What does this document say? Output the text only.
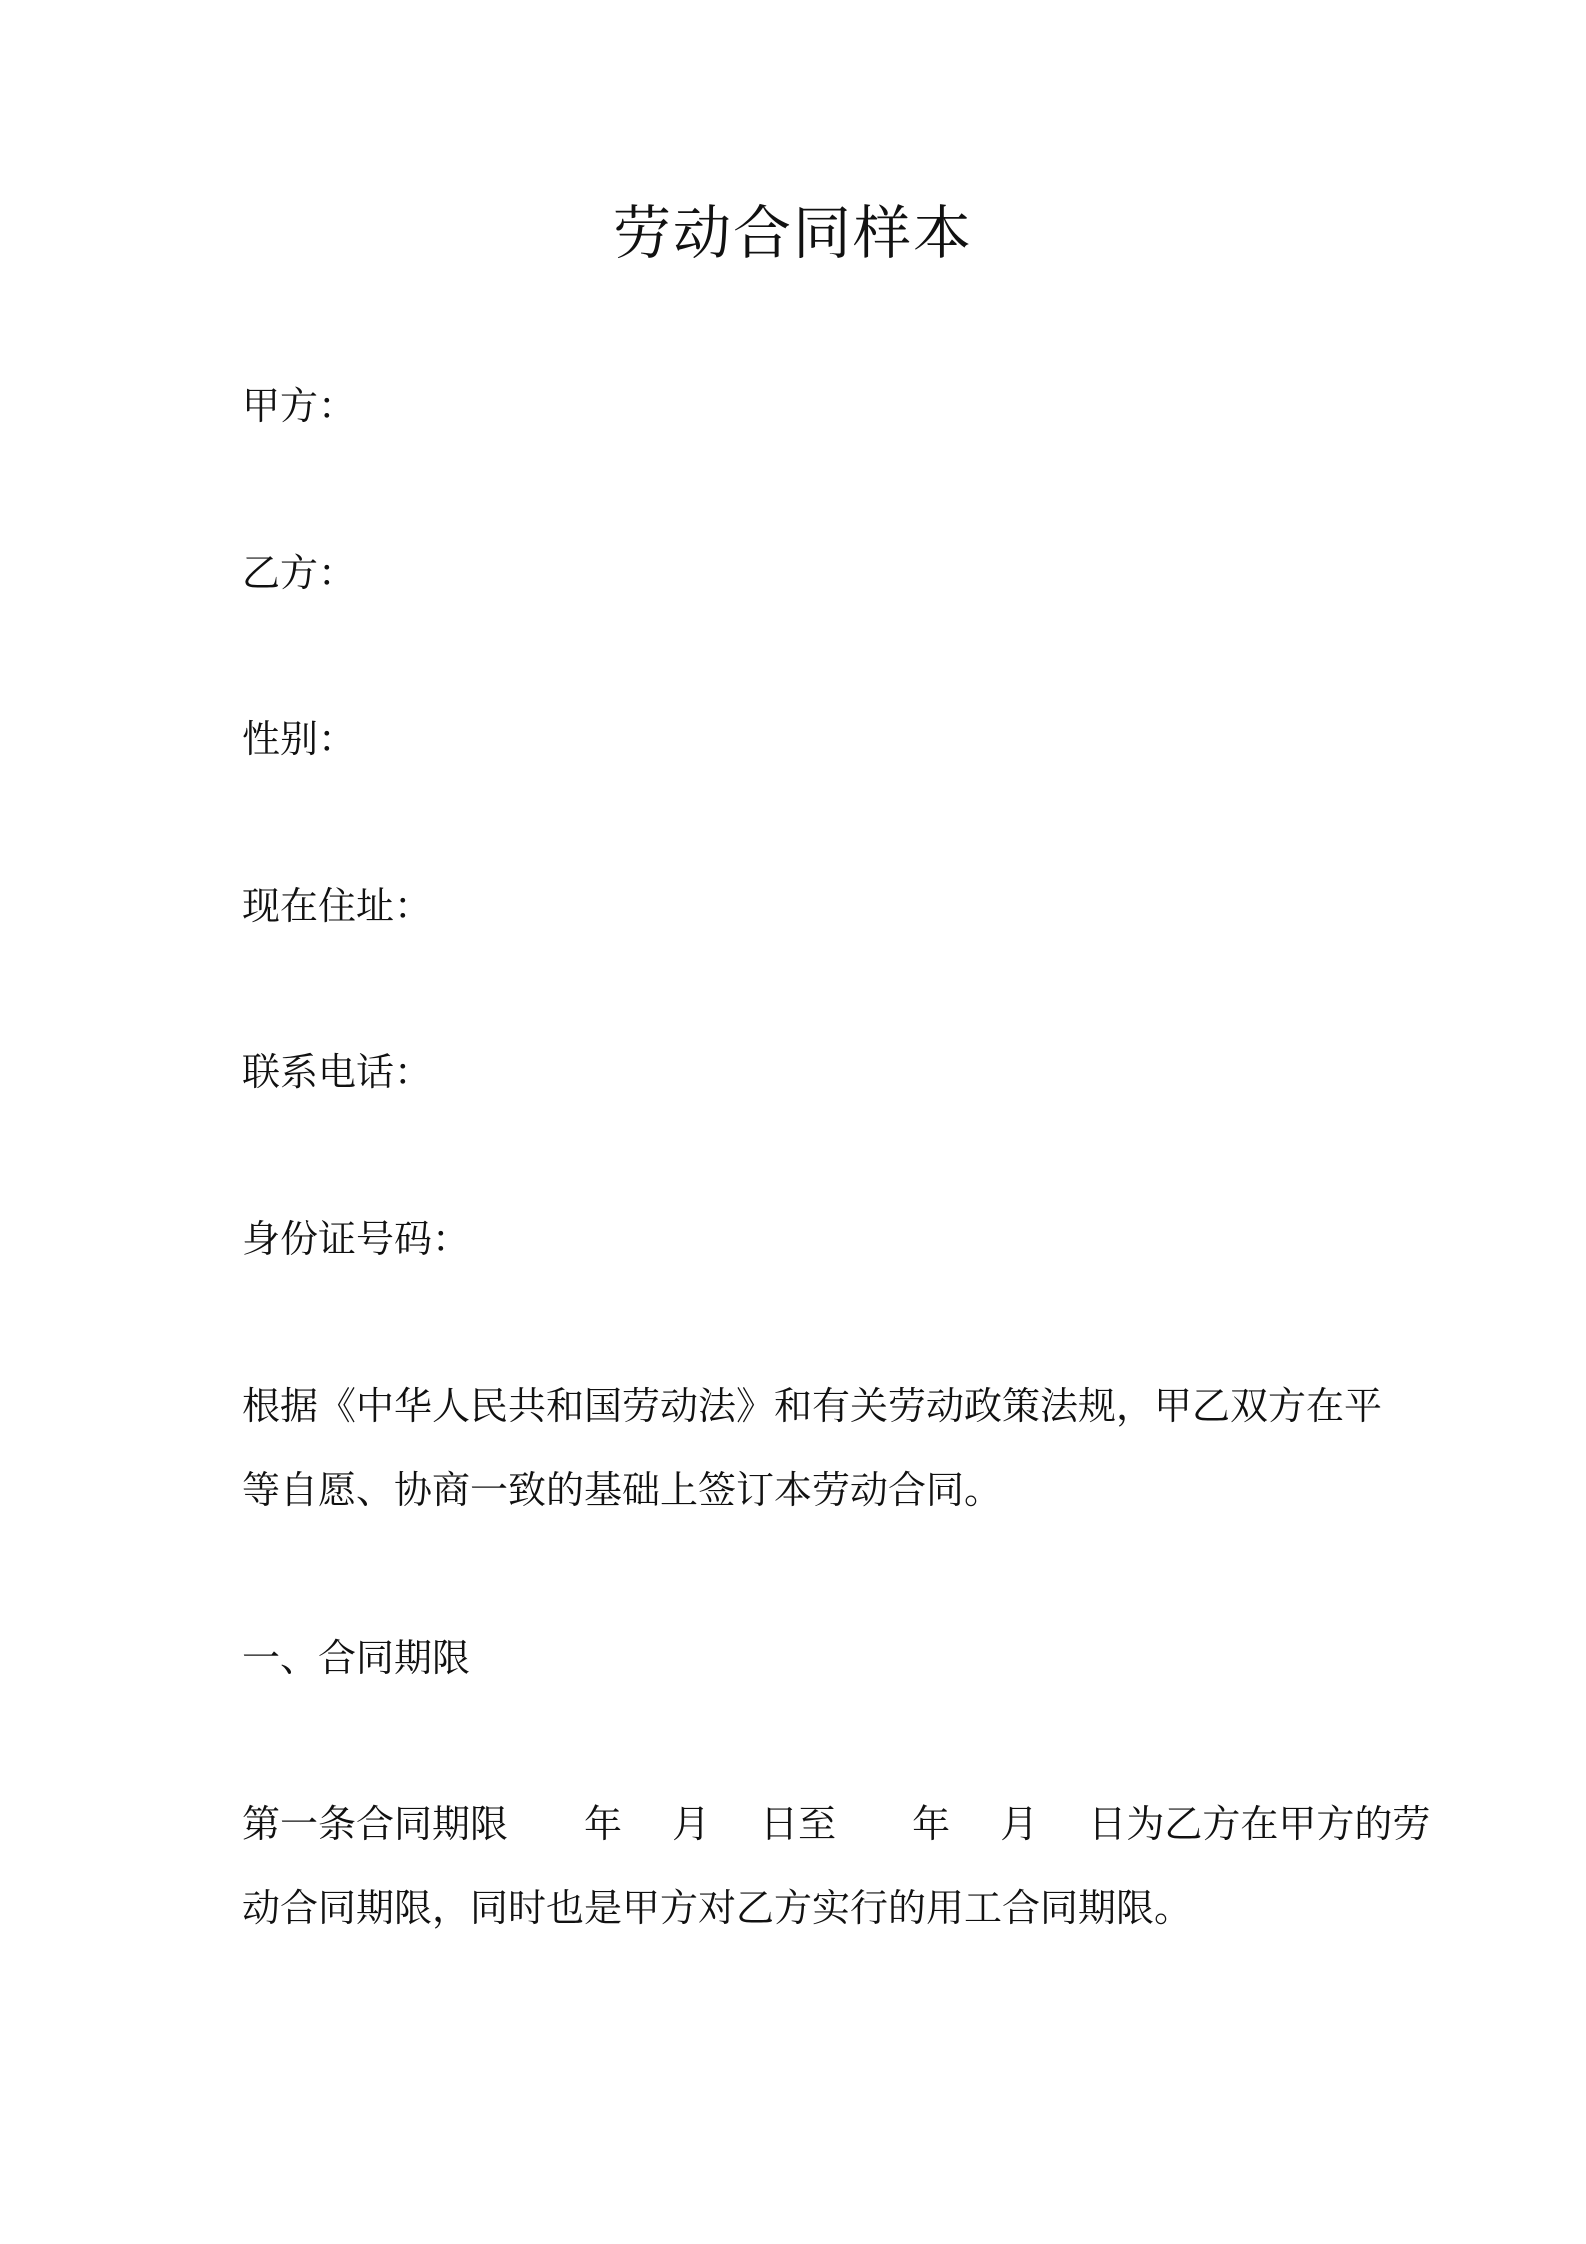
劳动合同样本

甲方：

乙方：

性别：

现在住址：

联系电话：

身份证号码：

根据《中华人民共和国劳动法》和有关劳动政策法规，甲乙双方在平
等自愿、协商一致的基础上签订本劳动合同。

一、合同期限

第一条合同期限　　年　 月　 日至　　年　 月　 日为乙方在甲方的劳
动合同期限，同时也是甲方对乙方实行的用工合同期限。
